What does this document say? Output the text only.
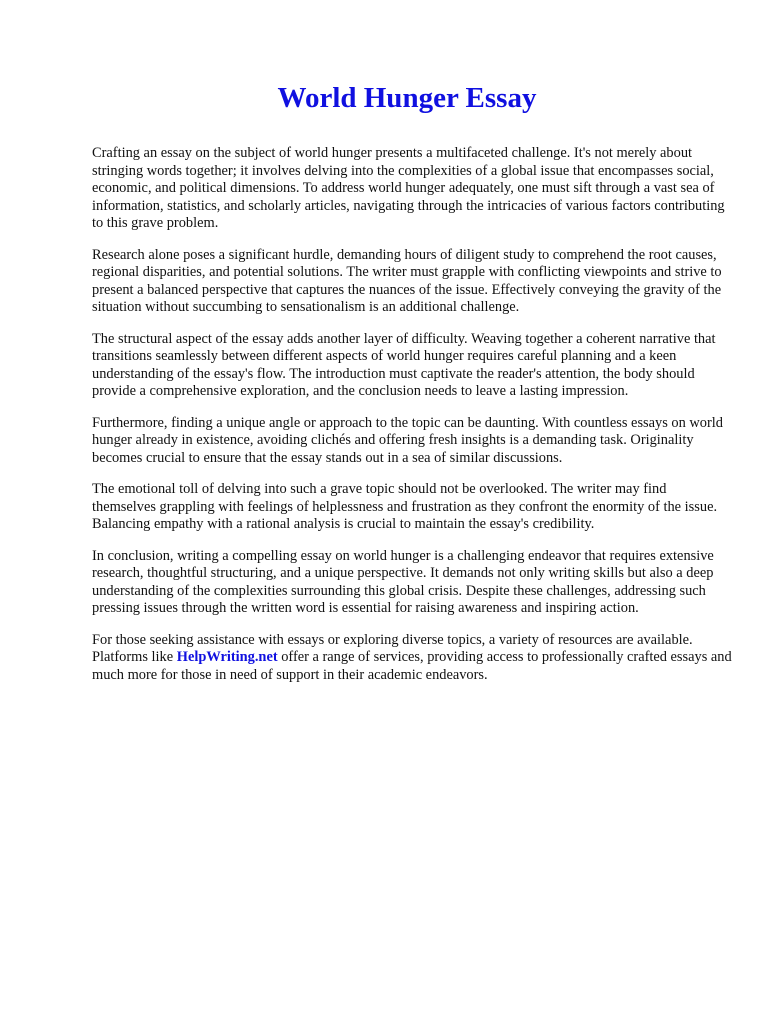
World Hunger Essay

Crafting an essay on the subject of world hunger presents a multifaceted challenge. It's not merely about stringing words together; it involves delving into the complexities of a global issue that encompasses social, economic, and political dimensions. To address world hunger adequately, one must sift through a vast sea of information, statistics, and scholarly articles, navigating through the intricacies of various factors contributing to this grave problem.

Research alone poses a significant hurdle, demanding hours of diligent study to comprehend the root causes, regional disparities, and potential solutions. The writer must grapple with conflicting viewpoints and strive to present a balanced perspective that captures the nuances of the issue. Effectively conveying the gravity of the situation without succumbing to sensationalism is an additional challenge.

The structural aspect of the essay adds another layer of difficulty. Weaving together a coherent narrative that transitions seamlessly between different aspects of world hunger requires careful planning and a keen understanding of the essay's flow. The introduction must captivate the reader's attention, the body should provide a comprehensive exploration, and the conclusion needs to leave a lasting impression.

Furthermore, finding a unique angle or approach to the topic can be daunting. With countless essays on world hunger already in existence, avoiding clichés and offering fresh insights is a demanding task. Originality becomes crucial to ensure that the essay stands out in a sea of similar discussions.

The emotional toll of delving into such a grave topic should not be overlooked. The writer may find themselves grappling with feelings of helplessness and frustration as they confront the enormity of the issue. Balancing empathy with a rational analysis is crucial to maintain the essay's credibility.

In conclusion, writing a compelling essay on world hunger is a challenging endeavor that requires extensive research, thoughtful structuring, and a unique perspective. It demands not only writing skills but also a deep understanding of the complexities surrounding this global crisis. Despite these challenges, addressing such pressing issues through the written word is essential for raising awareness and inspiring action.

For those seeking assistance with essays or exploring diverse topics, a variety of resources are available. Platforms like HelpWriting.net offer a range of services, providing access to professionally crafted essays and much more for those in need of support in their academic endeavors.
